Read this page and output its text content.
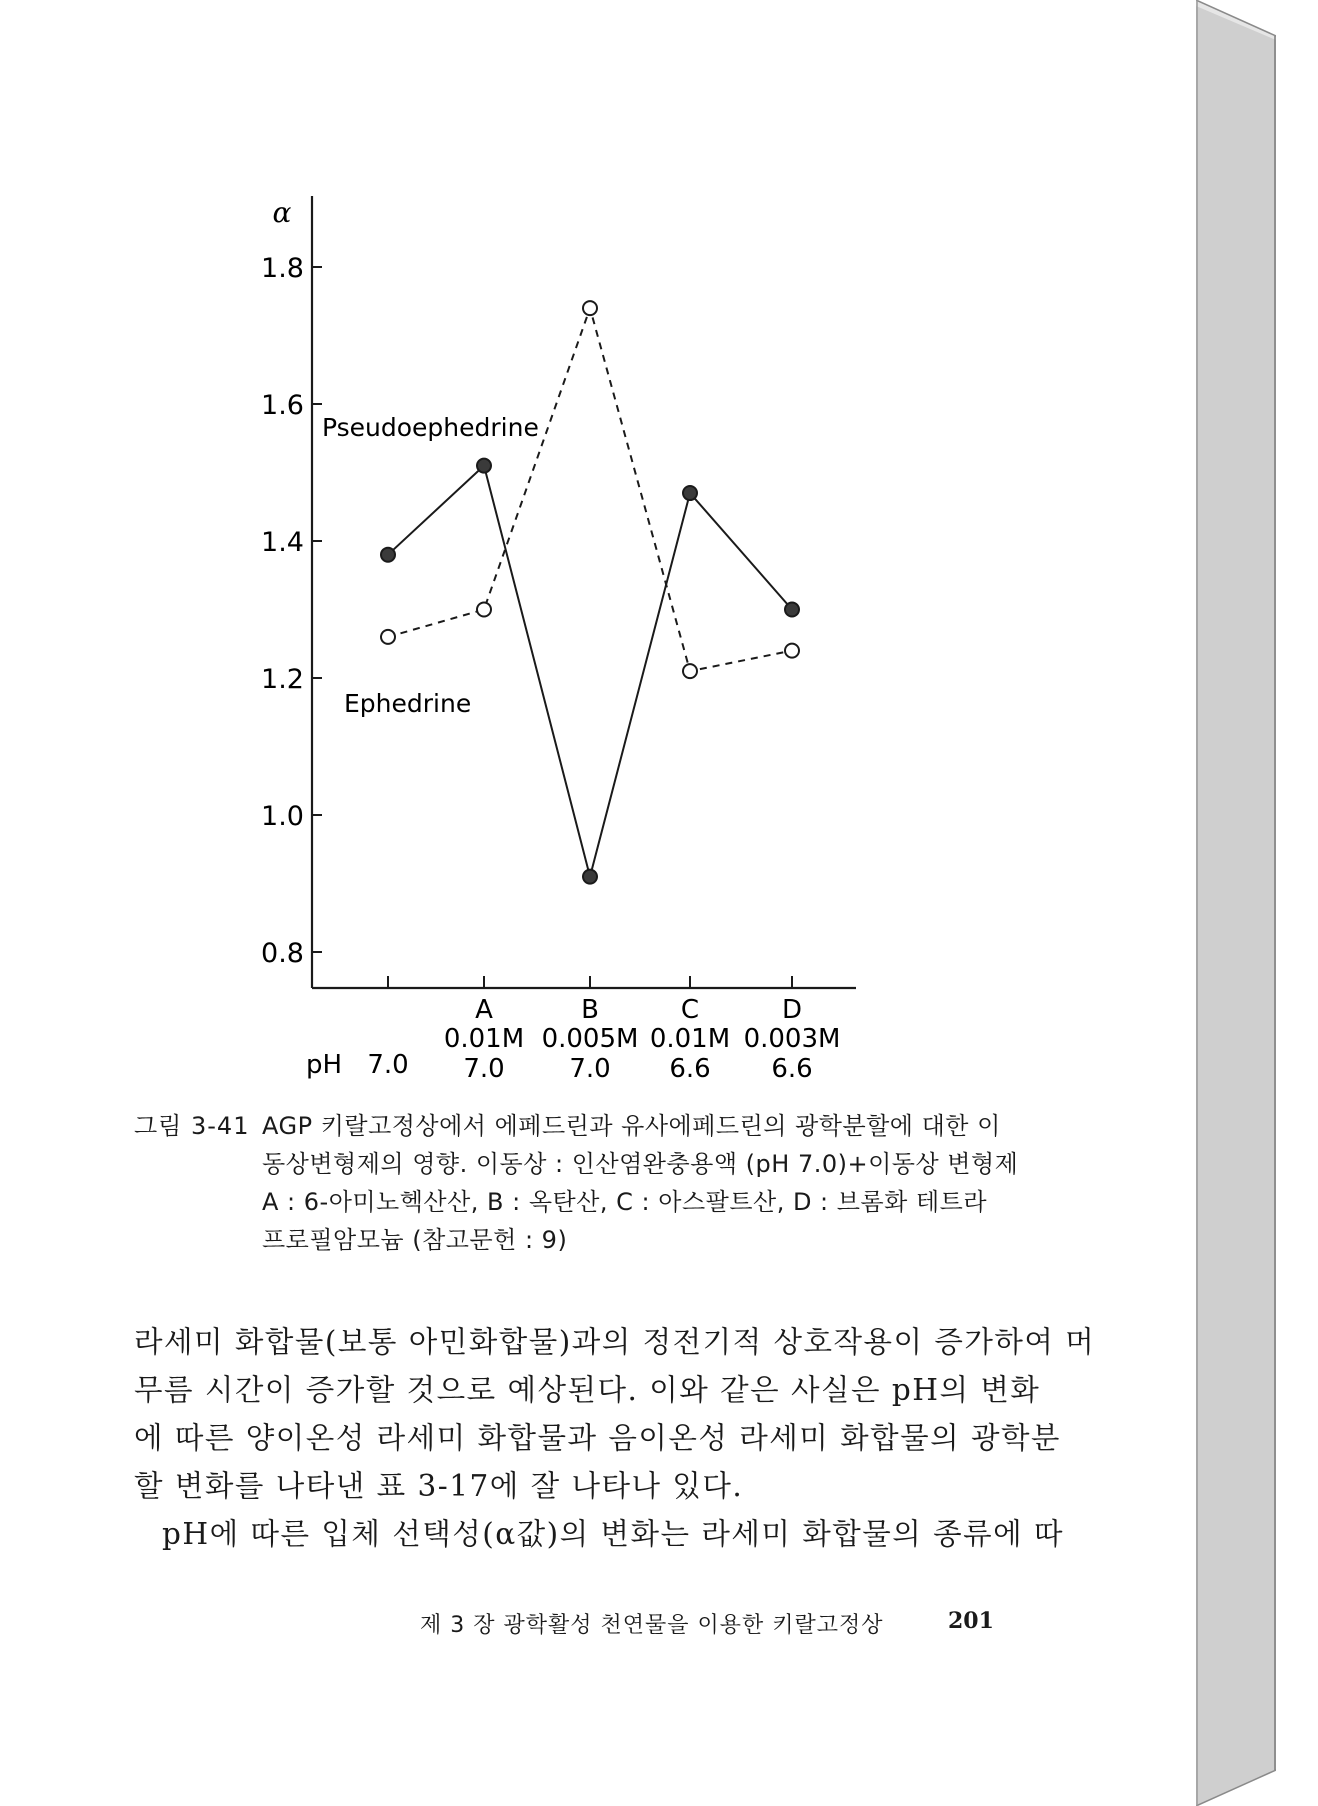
α
0.8
1.0
1.2
1.4
1.6
1.8
Pseudoephedrine
Ephedrine
A	B	C	D
0.01M 0.005M 0.01M 0.003M
pH 7.0 7.0 7.0 6.6 6.6
그림 3-41 AGP 키랄고정상에서 에페드린과 유사에페드린의 광학분할에 대한 이
동상변형제의 영향. 이동상 : 인산염완충용액 (pH 7.0)+이동상 변형제
A : 6-아미노헥산산, B : 옥탄산, C : 아스팔트산, D : 브롬화 테트라
프로필암모늄 (참고문헌 : 9)
라세미 화합물(보통 아민화합물)과의 정전기적 상호작용이 증가하여 머
무름 시간이 증가할 것으로 예상된다. 이와 같은 사실은 pH의 변화
에 따른 양이온성 라세미 화합물과 음이온성 라세미 화합물의 광학분
할 변화를 나타낸 표 3-17에 잘 나타나 있다.
pH에 따른 입체 선택성(α값)의 변화는 라세미 화합물의 종류에 따
제 3 장 광학활성 천연물을 이용한 키랄고정상	201
